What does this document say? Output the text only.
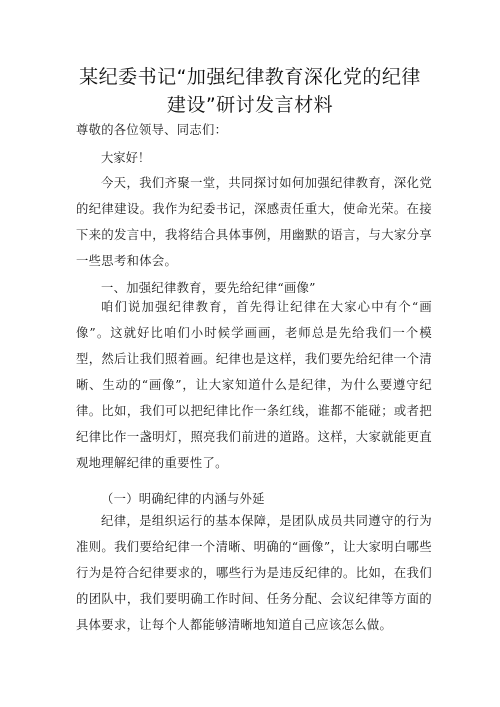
某纪委书记“加强纪律教育深化党的纪律
建设”研讨发言材料
尊敬的各位领导、同志们：
大家好！
今天，我们齐聚一堂，共同探讨如何加强纪律教育，深化党的纪律建设。我作为纪委书记，深感责任重大，使命光荣。在接下来的发言中，我将结合具体事例，用幽默的语言，与大家分享一些思考和体会。
一、加强纪律教育，要先给纪律“画像”
咱们说加强纪律教育，首先得让纪律在大家心中有个“画像”。这就好比咱们小时候学画画，老师总是先给我们一个模型，然后让我们照着画。纪律也是这样，我们要先给纪律一个清晰、生动的“画像”，让大家知道什么是纪律，为什么要遵守纪律。比如，我们可以把纪律比作一条红线，谁都不能碰；或者把纪律比作一盏明灯，照亮我们前进的道路。这样，大家就能更直观地理解纪律的重要性了。
（一）明确纪律的内涵与外延
纪律，是组织运行的基本保障，是团队成员共同遵守的行为准则。我们要给纪律一个清晰、明确的“画像”，让大家明白哪些行为是符合纪律要求的，哪些行为是违反纪律的。比如，在我们的团队中，我们要明确工作时间、任务分配、会议纪律等方面的具体要求，让每个人都能够清晰地知道自己应该怎么做。
